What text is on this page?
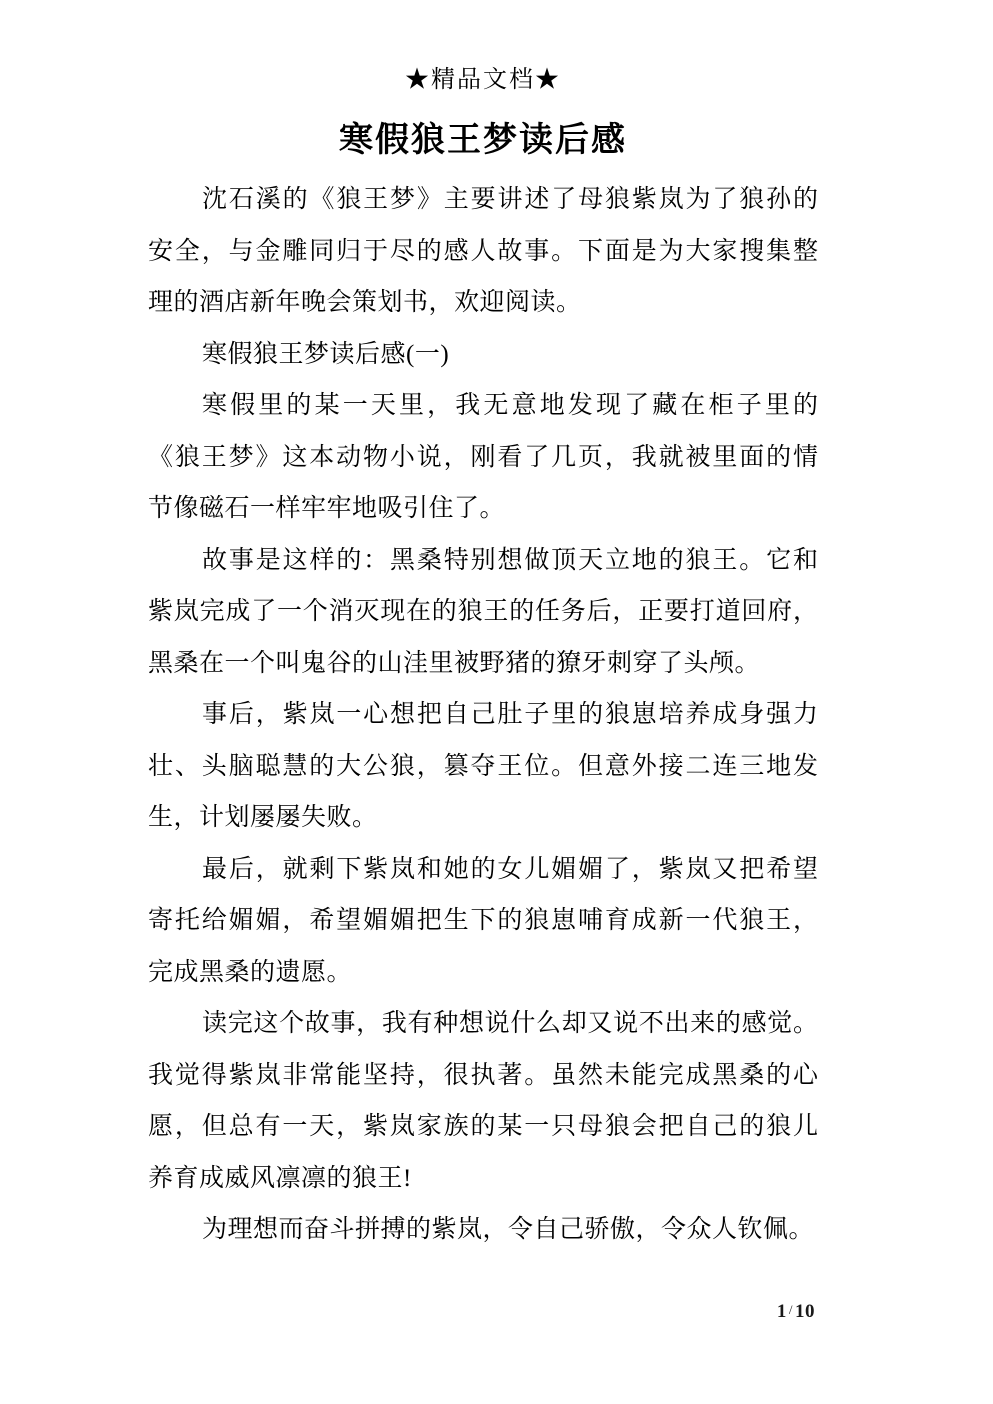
★精品文档★
寒假狼王梦读后感
沈石溪的《狼王梦》主要讲述了母狼紫岚为了狼孙的
安全，与金雕同归于尽的感人故事。下面是为大家搜集整
理的酒店新年晚会策划书，欢迎阅读。
寒假狼王梦读后感(一)
寒假里的某一天里，我无意地发现了藏在柜子里的
《狼王梦》这本动物小说，刚看了几页，我就被里面的情
节像磁石一样牢牢地吸引住了。
故事是这样的：黑桑特别想做顶天立地的狼王。它和
紫岚完成了一个消灭现在的狼王的任务后，正要打道回府，
黑桑在一个叫鬼谷的山洼里被野猪的獠牙刺穿了头颅。
事后，紫岚一心想把自己肚子里的狼崽培养成身强力
壮、头脑聪慧的大公狼，篡夺王位。但意外接二连三地发
生，计划屡屡失败。
最后，就剩下紫岚和她的女儿媚媚了，紫岚又把希望
寄托给媚媚，希望媚媚把生下的狼崽哺育成新一代狼王，
完成黑桑的遗愿。
读完这个故事，我有种想说什么却又说不出来的感觉。
我觉得紫岚非常能坚持，很执著。虽然未能完成黑桑的心
愿，但总有一天，紫岚家族的某一只母狼会把自己的狼儿
养育成威风凛凛的狼王!
为理想而奋斗拼搏的紫岚，令自己骄傲，令众人钦佩。
1 / 10
